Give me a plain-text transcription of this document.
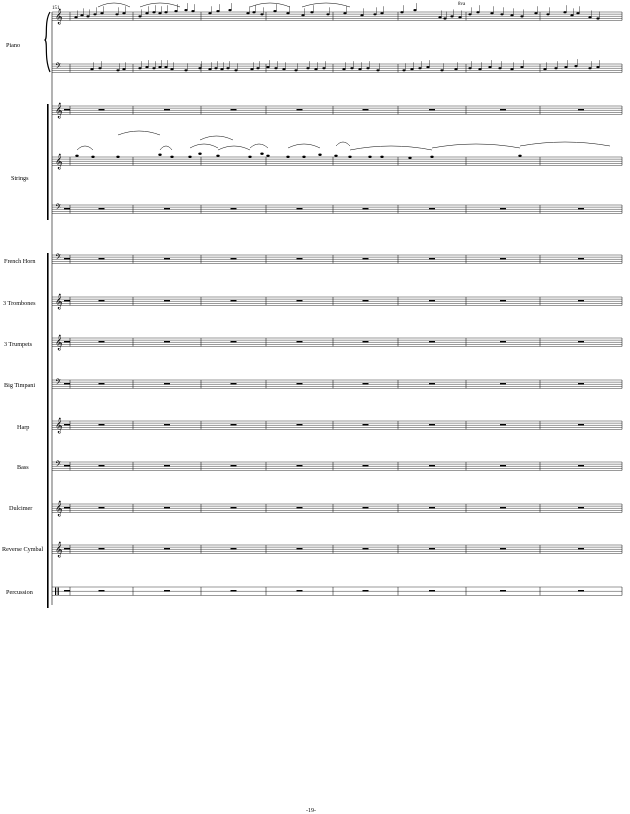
𝄞
𝄢
𝄞
𝄞
𝄢
𝄢
𝄞
𝄞
𝄢
𝄞
𝄢
𝄞
𝄞
151
8va
Piano
Strings
French Horn
3 Trombones
3 Trumpets
Big Timpani
Harp
Bass
Dulcimer
Reverse Cymbal
Percussion
-19-
